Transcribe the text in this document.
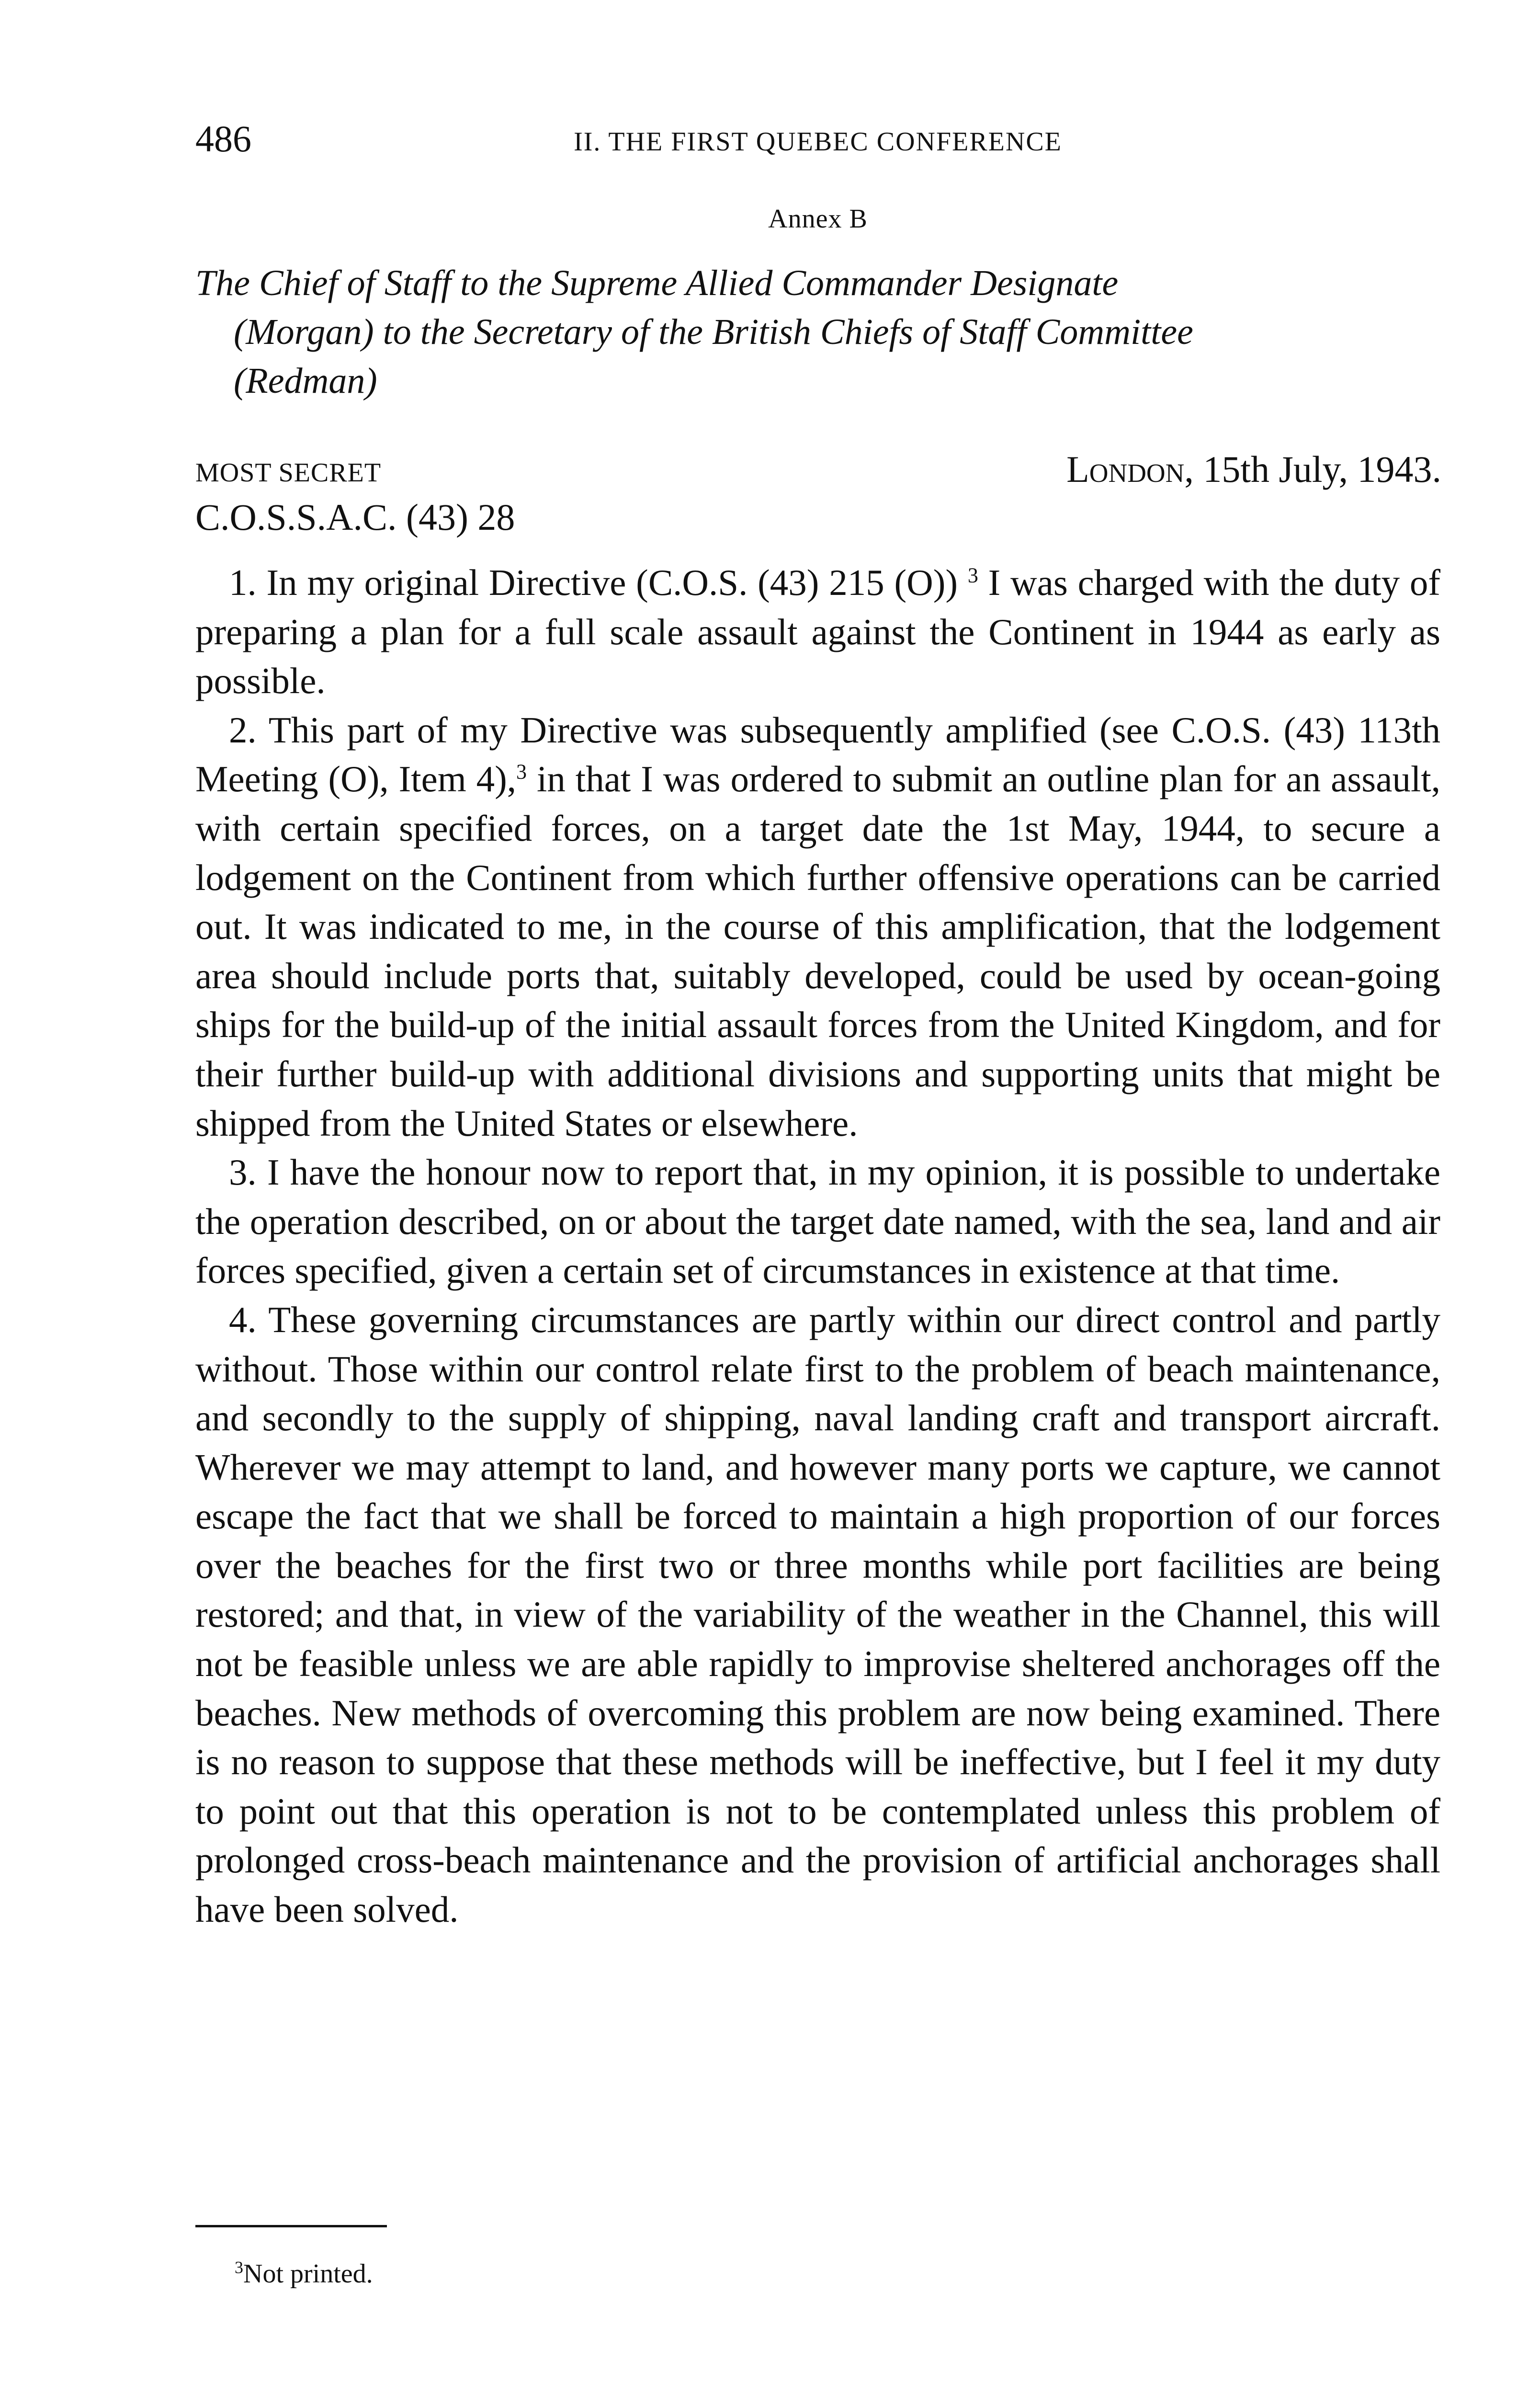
486	II. THE FIRST QUEBEC CONFERENCE
Annex B
The Chief of Staff to the Supreme Allied Commander Designate
(Morgan) to the Secretary of the British Chiefs of Staff Committee
(Redman)
MOST SECRET	London, 15th July, 1943.
C.O.S.S.A.C. (43) 28

1. In my original Directive (C.O.S. (43) 215 (O)) $^3$ I was charged with the duty of preparing a plan for a full scale assault against the Continent in 1944 as early as possible.

2. This part of my Directive was subsequently amplified (see C.O.S. (43) 113th Meeting (O), Item 4),$^3$ in that I was ordered to submit an outline plan for an assault, with certain specified forces, on a target date the 1st May, 1944, to secure a lodgement on the Continent from which further offensive operations can be carried out. It was indicated to me, in the course of this amplification, that the lodgement area should include ports that, suitably developed, could be used by ocean-going ships for the build-up of the initial assault forces from the United Kingdom, and for their further build-up with additional divisions and supporting units that might be shipped from the United States or elsewhere.

3. I have the honour now to report that, in my opinion, it is possible to undertake the operation described, on or about the target date named, with the sea, land and air forces specified, given a certain set of circumstances in existence at that time.

4. These governing circumstances are partly within our direct control and partly without. Those within our control relate first to the problem of beach maintenance, and secondly to the supply of shipping, naval landing craft and transport aircraft. Wherever we may attempt to land, and however many ports we capture, we cannot escape the fact that we shall be forced to maintain a high proportion of our forces over the beaches for the first two or three months while port facilities are being restored; and that, in view of the variability of the weather in the Channel, this will not be feasible unless we are able rapidly to improvise sheltered anchorages off the beaches. New methods of overcoming this problem are now being examined. There is no reason to suppose that these methods will be ineffective, but I feel it my duty to point out that this operation is not to be contemplated unless this problem of prolonged cross-beach maintenance and the provision of artificial anchorages shall have been solved.

$^3$Not printed.
